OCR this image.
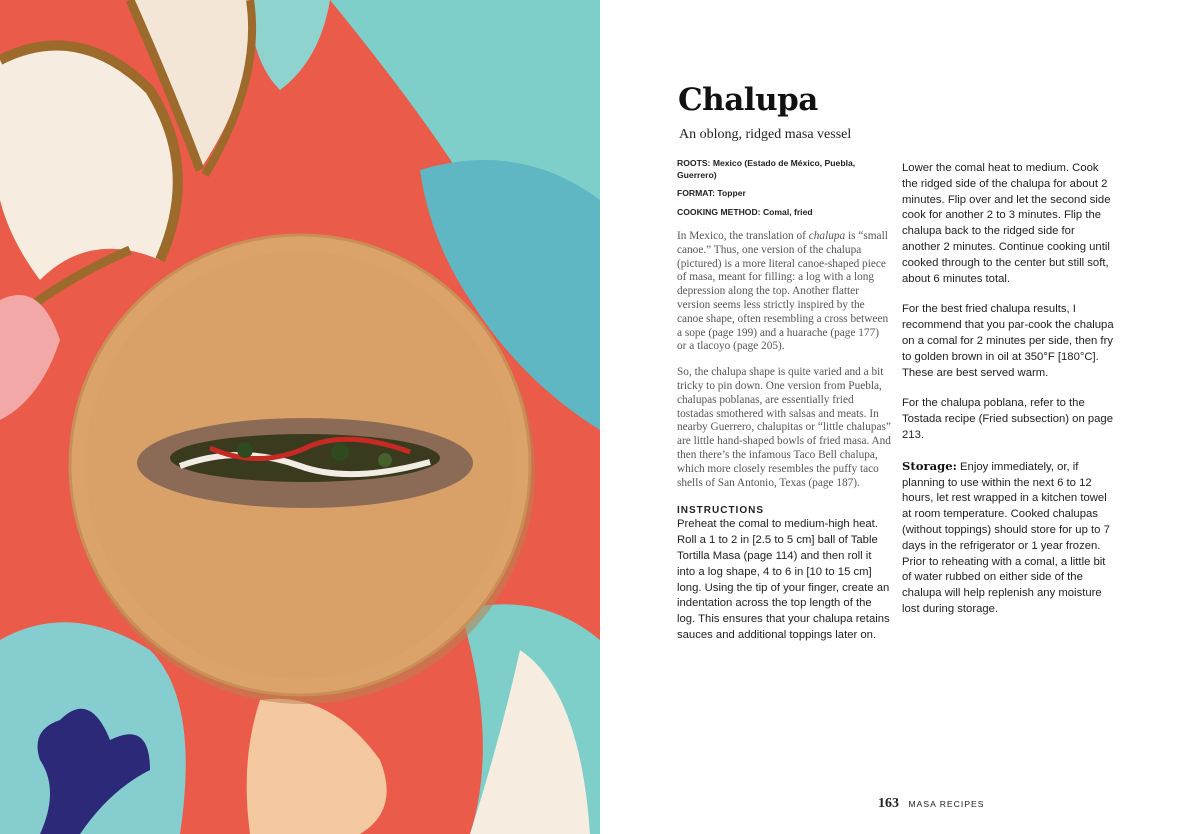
Chalupa

An oblong, ridged masa vessel

ROOTS: Mexico (Estado de México, Puebla, Guerrero)

FORMAT: Topper

COOKING METHOD: Comal, fried

In Mexico, the translation of chalupa is “small canoe.” Thus, one version of the chalupa (pictured) is a more literal canoe-shaped piece of masa, meant for filling: a log with a long depression along the top. Another flatter version seems less strictly inspired by the canoe shape, often resembling a cross between a sope (page 199) and a huarache (page 177) or a tlacoyo (page 205).

So, the chalupa shape is quite varied and a bit tricky to pin down. One version from Puebla, chalupas poblanas, are essentially fried tostadas smothered with salsas and meats. In nearby Guerrero, chalupitas or “little chalupas” are little hand-shaped bowls of fried masa. And then there’s the infamous Taco Bell chalupa, which more closely resembles the puffy taco shells of San Antonio, Texas (page 187).

INSTRUCTIONS

Preheat the comal to medium-high heat. Roll a 1 to 2 in [2.5 to 5 cm] ball of Table Tortilla Masa (page 114) and then roll it into a log shape, 4 to 6 in [10 to 15 cm] long. Using the tip of your finger, create an indentation across the top length of the log. This ensures that your chalupa retains sauces and additional toppings later on.

Lower the comal heat to medium. Cook the ridged side of the chalupa for about 2 minutes. Flip over and let the second side cook for another 2 to 3 minutes. Flip the chalupa back to the ridged side for another 2 minutes. Continue cooking until cooked through to the center but still soft, about 6 minutes total.

For the best fried chalupa results, I recommend that you par-cook the chalupa on a comal for 2 minutes per side, then fry to golden brown in oil at 350°F [180°C]. These are best served warm.

For the chalupa poblana, refer to the Tostada recipe (Fried subsection) on page 213.

Storage: Enjoy immediately, or, if planning to use within the next 6 to 12 hours, let rest wrapped in a kitchen towel at room temperature. Cooked chalupas (without toppings) should store for up to 7 days in the refrigerator or 1 year frozen. Prior to reheating with a comal, a little bit of water rubbed on either side of the chalupa will help replenish any moisture lost during storage.

163 MASA RECIPES
